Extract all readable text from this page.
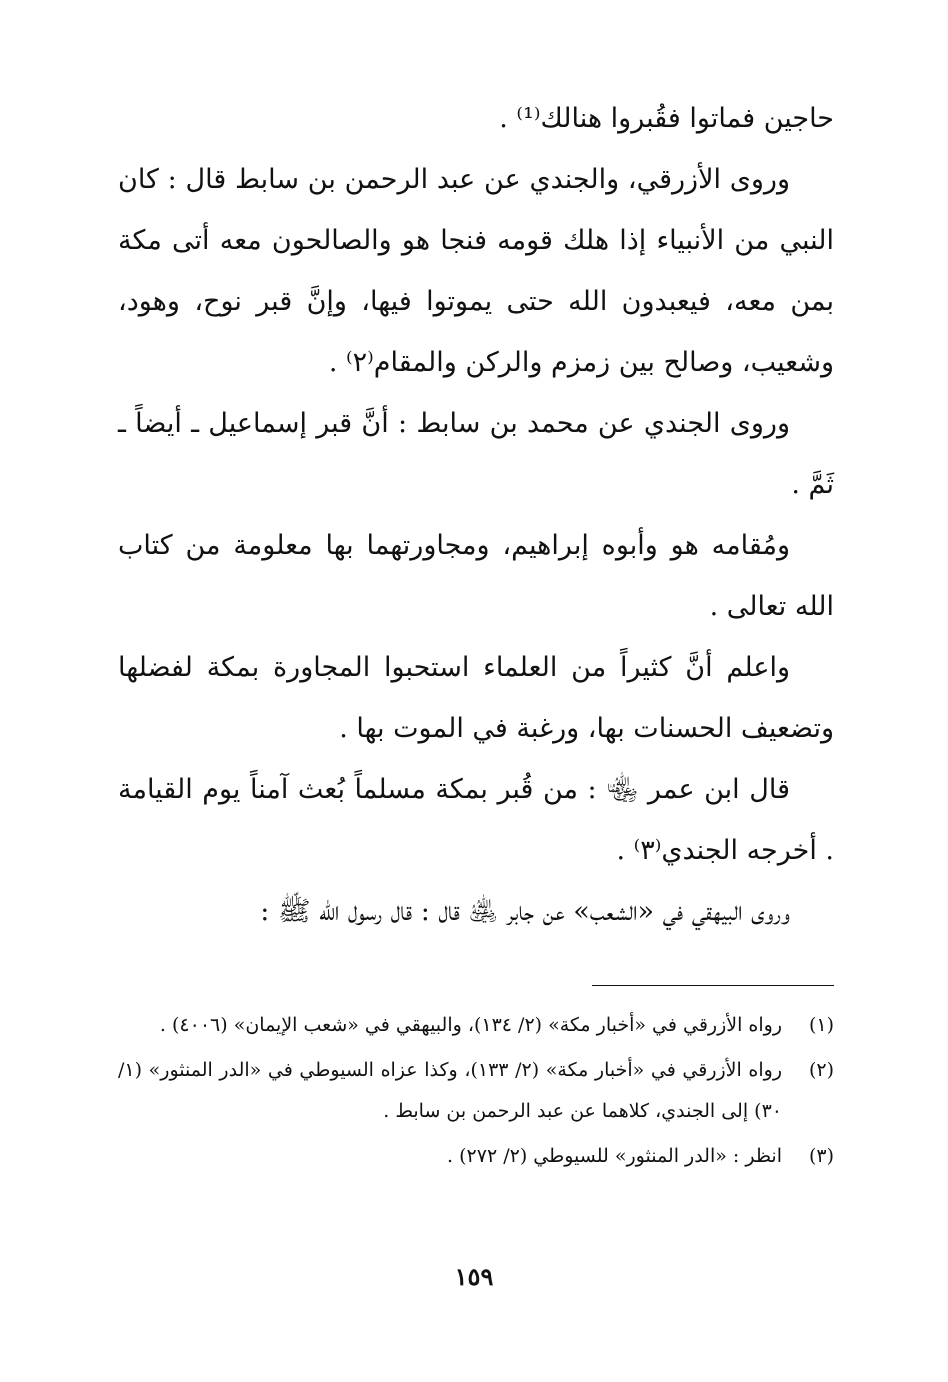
حاجين فماتوا فقُبروا هنالك⁽¹⁾ .

وروى الأزرقي، والجندي عن عبد الرحمن بن سابط قال : كان النبي من الأنبياء إذا هلك قومه فنجا هو والصالحون معه أتى مكة بمن معه، فيعبدون الله حتى يموتوا فيها، وإنَّ قبر نوح، وهود، وشعيب، وصالح بين زمزم والركن والمقام⁽٢⁾ .

وروى الجندي عن محمد بن سابط : أنَّ قبر إسماعيل ـ أيضاً ـ ثَمَّ .

ومُقامه هو وأبوه إبراهيم، ومجاورتهما بها معلومة من كتاب الله تعالى .

واعلم أنَّ كثيراً من العلماء استحبوا المجاورة بمكة لفضلها وتضعيف الحسنات بها، ورغبة في الموت بها .

قال ابن عمر ﵄ : من قُبر بمكة مسلماً بُعث آمناً يوم القيامة . أخرجه الجندي⁽٣⁾ .

وروى البيهقي في «الشعب» عن جابر ﵁ قال : قال رسول الله ﷺ :

(١)
رواه الأزرقي في «أخبار مكة» (٢/ ١٣٤)، والبيهقي في «شعب الإيمان» (٤٠٠٦) .
(٢)
رواه الأزرقي في «أخبار مكة» (٢/ ١٣٣)، وكذا عزاه السيوطي في «الدر المنثور» (١/ ٣٠) إلى الجندي، كلاهما عن عبد الرحمن بن سابط .
(٣)
انظر : «الدر المنثور» للسيوطي (٢/ ٢٧٢) .
١٥٩
